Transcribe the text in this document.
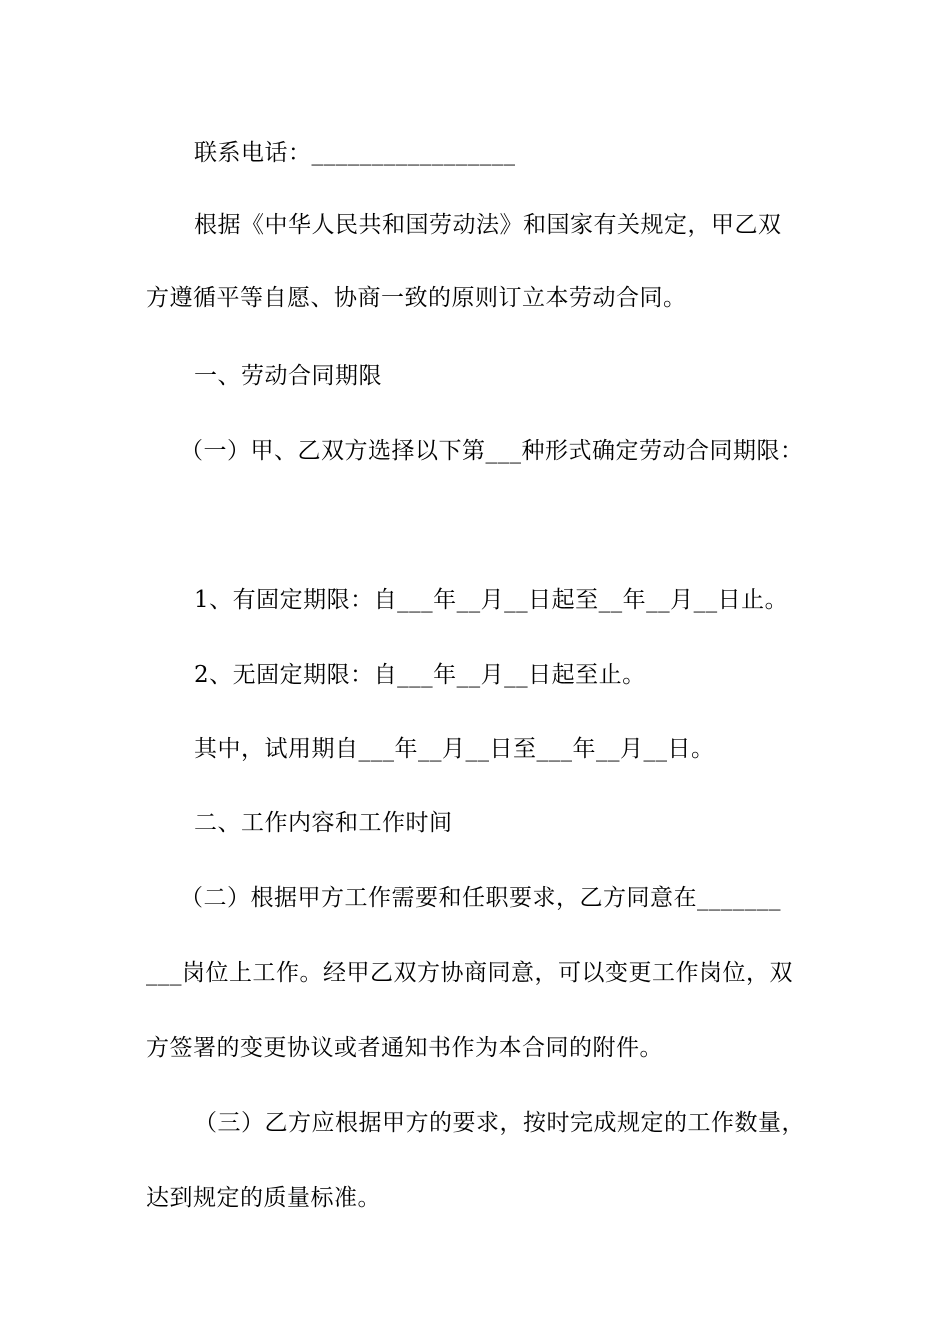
联系电话：_________________
根据《中华人民共和国劳动法》和国家有关规定，甲乙双
方遵循平等自愿、协商一致的原则订立本劳动合同。
一、劳动合同期限
（一）甲、乙双方选择以下第___种形式确定劳动合同期限：
1、有固定期限：自___年__月__日起至__年__月__日止。
2、无固定期限：自___年__月__日起至止。
其中，试用期自___年__月__日至___年__月__日。
二、工作内容和工作时间
（二）根据甲方工作需要和任职要求，乙方同意在_______
___岗位上工作。经甲乙双方协商同意，可以变更工作岗位，双
方签署的变更协议或者通知书作为本合同的附件。
（三）乙方应根据甲方的要求，按时完成规定的工作数量，
达到规定的质量标准。
